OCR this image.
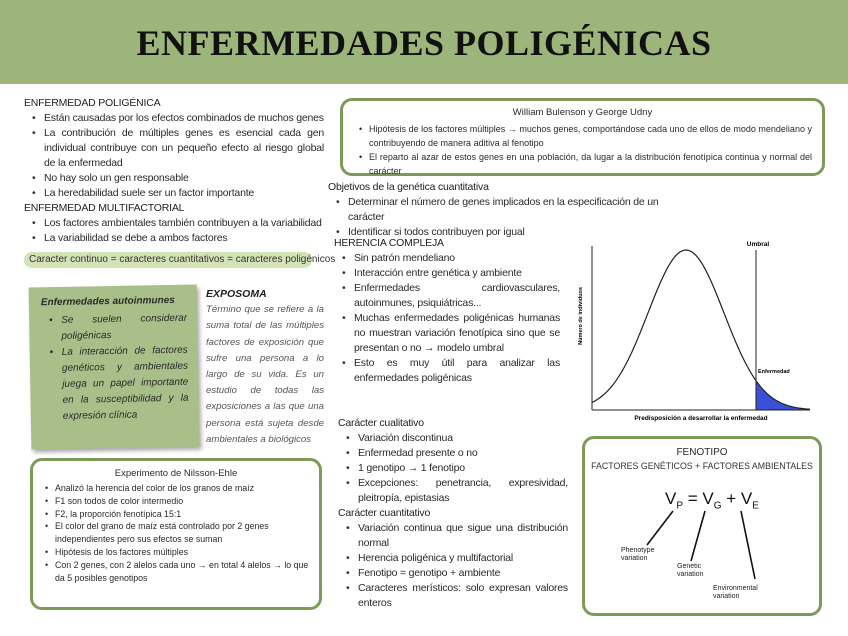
ENFERMEDADES POLIGÉNICAS
ENFERMEDAD POLIGÉNICA
• Están causadas por los efectos combinados de muchos genes
• La contribución de múltiples genes es esencial cada gen individual contribuye con un pequeño efecto al riesgo global de la enfermedad
• No hay solo un gen responsable
• La heredabilidad suele ser un factor importante
ENFERMEDAD MULTIFACTORIAL
• Los factores ambientales también contribuyen a la variabilidad
• La variabilidad se debe a ambos factores
Caracter continuo = caracteres cuantitativos = caracteres poligénicos
Enfermedades autoinmunes
• Se suelen considerar poligénicas
• La interacción de factores genéticos y ambientales juega un papel importante en la susceptibilidad y la expresión clínica
EXPOSOMA
Término que se refiere a la suma total de las múltiples factores de exposición que sufre una persona a lo largo de su vida. Es un estudio de todas las exposiciones a las que una persona está sujeta desde ambientales a biológicos
William Bulenson y George Udny
• Hipótesis de los factores múltiples → muchos genes, comportándose cada uno de ellos de modo mendeliano y contribuyendo de manera aditiva al fenotipo
• El reparto al azar de estos genes en una población, da lugar a la distribución fenotípica continua y normal del carácter
Objetivos de la genética cuantitativa
• Determinar el número de genes implicados en la especificación de un carácter
• Identificar si todos contribuyen por igual
HERENCIA COMPLEJA
• Sin patrón mendeliano
• Interacción entre genética y ambiente
• Enfermedades cardiovasculares, autoinmunes, psiquiátricas...
• Muchas enfermedades poligénicas humanas no muestran variación fenotípica sino que se presentan o no → modelo umbral
• Esto es muy útil para analizar las enfermedades poligénicas
Umbral
Enfermedad
Predisposición a desarrollar la enfermedad
Número de individuos
Carácter cualitativo
• Variación discontinua
• Enfermedad presente o no
• 1 genotipo → 1 fenotipo
• Excepciones: penetrancia, expresividad, pleitropía, epistasias
Carácter cuantitativo
• Variación continua que sigue una distribución normal
• Herencia poligénica y multifactorial
• Fenotipo = genotipo + ambiente
• Caracteres merísticos: solo expresan valores enteros
Experimento de Nilsson-Ehle
• Analizó la herencia del color de los granos de maíz
• F1 son todos de color intermedio
• F2, la proporción fenotípica 15:1
• El color del grano de maíz está controlado por 2 genes independientes pero sus efectos se suman
• Hipótesis de los factores múltiples
• Con 2 genes, con 2 alelos cada uno → en total 4 alelos → lo que da 5 posibles genotipos
FENOTIPO
FACTORES GENÉTICOS + FACTORES AMBIENTALES
$V_P = V_G + V_E$
Phenotype variation
Genetic variation
Environmental variation
